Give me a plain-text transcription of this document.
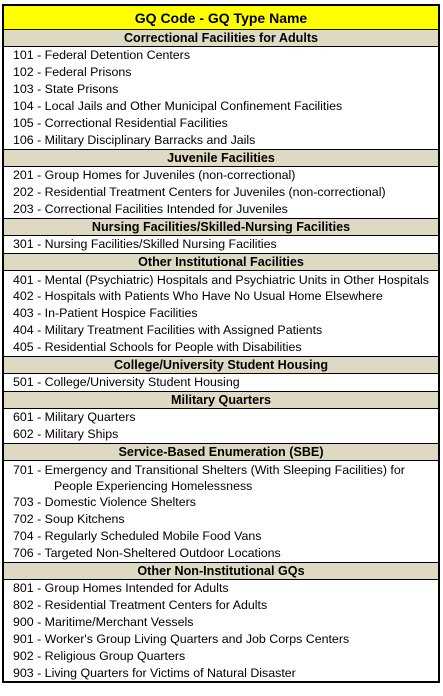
GQ Code - GQ Type Name
Correctional Facilities for Adults
101 - Federal Detention Centers
102 - Federal Prisons
103 - State Prisons
104 - Local Jails and Other Municipal Confinement Facilities
105 - Correctional Residential Facilities
106 - Military Disciplinary Barracks and Jails
Juvenile Facilities
201 - Group Homes for Juveniles (non-correctional)
202 - Residential Treatment Centers for Juveniles (non-correctional)
203 - Correctional Facilities Intended for Juveniles
Nursing Facilities/Skilled-Nursing Facilities
301 - Nursing Facilities/Skilled Nursing Facilities
Other Institutional Facilities
401 - Mental (Psychiatric) Hospitals and Psychiatric Units in Other Hospitals
402 - Hospitals with Patients Who Have No Usual Home Elsewhere
403 - In-Patient Hospice Facilities
404 - Military Treatment Facilities with Assigned Patients
405 - Residential Schools for People with Disabilities
College/University Student Housing
501 - College/University Student Housing
Military Quarters
601 - Military Quarters
602 - Military Ships
Service-Based Enumeration (SBE)
701 - Emergency and Transitional Shelters (With Sleeping Facilities) for People Experiencing Homelessness
703 - Domestic Violence Shelters
702 - Soup Kitchens
704 - Regularly Scheduled Mobile Food Vans
706 - Targeted Non-Sheltered Outdoor Locations
Other Non-Institutional GQs
801 - Group Homes Intended for Adults
802 - Residential Treatment Centers for Adults
900 - Maritime/Merchant Vessels
901 - Worker's Group Living Quarters and Job Corps Centers
902 - Religious Group Quarters
903 - Living Quarters for Victims of Natural Disaster
